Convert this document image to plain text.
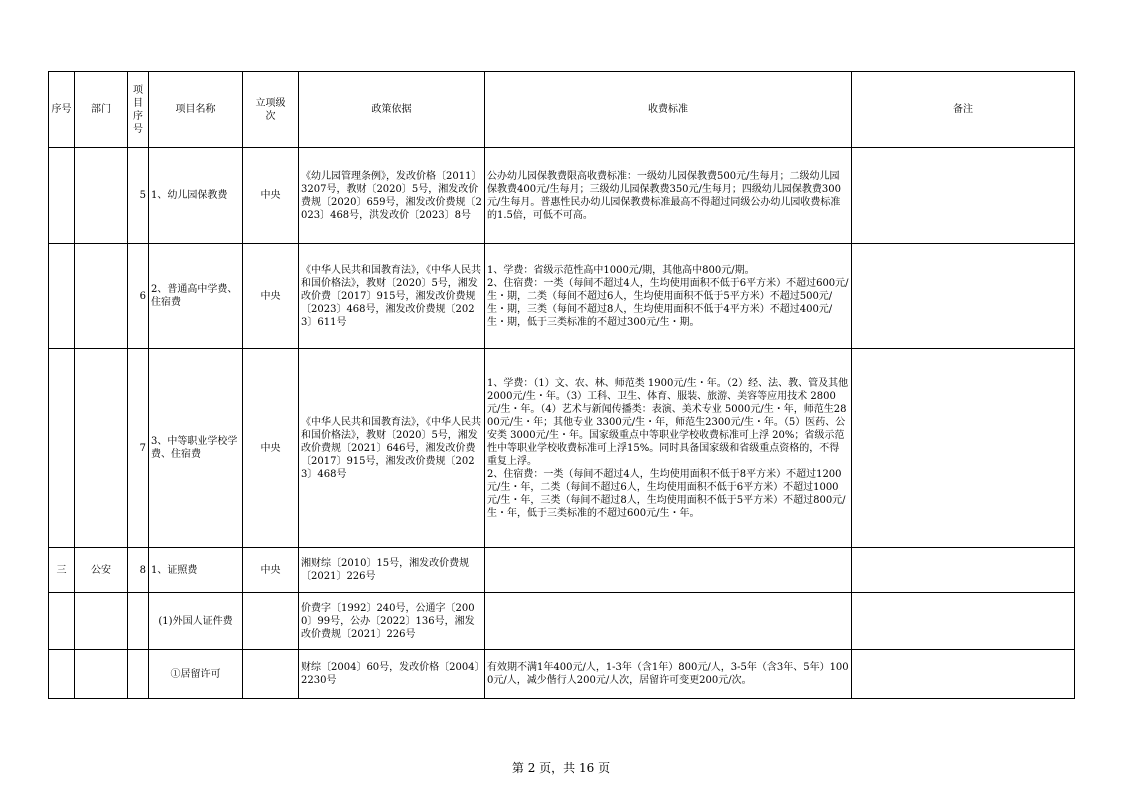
序号	部门	项目序号	项目名称	立项级次	政策依据	收费标准	备注
		5	1、幼儿园保教费	中央	《幼儿园管理条例》，发改价格〔2011〕3207号，教财〔2020〕5号，湘发改价费规〔2020〕659号，湘发改价费规〔2023〕468号，洪发改价〔2023〕8号	公办幼儿园保教费限高收费标准：一级幼儿园保教费500元/生每月；二级幼儿园保教费400元/生每月；三级幼儿园保教费350元/生每月；四级幼儿园保教费300元/生每月。普惠性民办幼儿园保教费标准最高不得超过同级公办幼儿园收费标准的1.5倍，可低不可高。	
		6	2、普通高中学费、住宿费	中央	《中华人民共和国教育法》，《中华人民共和国价格法》，教财〔2020〕5号，湘发改价费〔2017〕915号，湘发改价费规〔2023〕468号，湘发改价费规〔2023〕611号	1、学费：省级示范性高中1000元/期，其他高中800元/期。
2、住宿费：一类（每间不超过4人，生均使用面积不低于6平方米）不超过600元/生・期，二类（每间不超过6人，生均使用面积不低于5平方米）不超过500元/生・期，三类（每间不超过8人，生均使用面积不低于4平方米）不超过400元/生・期，低于三类标准的不超过300元/生・期。	
		7	3、中等职业学校学费、住宿费	中央	《中华人民共和国教育法》，《中华人民共和国价格法》，教财〔2020〕5号，湘发改价费规〔2021〕646号，湘发改价费〔2017〕915号，湘发改价费规〔2023〕468号	1、学费：（1）文、农、林、师范类 1900元/生・年。（2）经、法、教、管及其他 2000元/生・年。（3）工科、卫生、体育、服装、旅游、美容等应用技术 2800元/生・年。（4）艺术与新闻传播类：表演、美术专业 5000元/生・年，师范生2800元/生・年；其他专业 3300元/生・年，师范生2300元/生・年。（5）医药、公安类 3000元/生・年。国家级重点中等职业学校收费标准可上浮 20%；省级示范性中等职业学校收费标准可上浮15%。同时具备国家级和省级重点资格的，不得重复上浮。
2、住宿费：一类（每间不超过4人，生均使用面积不低于8平方米）不超过1200元/生・年，二类（每间不超过6人，生均使用面积不低于6平方米）不超过1000元/生・年，三类（每间不超过8人，生均使用面积不低于5平方米）不超过800元/生・年，低于三类标准的不超过600元/生・年。	
三	公安	8	1、证照费	中央	湘财综〔2010〕15号，湘发改价费规〔2021〕226号		
			(1)外国人证件费		价费字〔1992〕240号，公通字〔2000〕99号，公办〔2022〕136号，湘发改价费规〔2021〕226号		
			①居留许可		财综〔2004〕60号，发改价格〔2004〕2230号	有效期不满1年400元/人，1-3年（含1年）800元/人，3-5年（含3年、5年）1000元/人，减少偕行人200元/人次，居留许可变更200元/次。	
第 2 页，共 16 页
